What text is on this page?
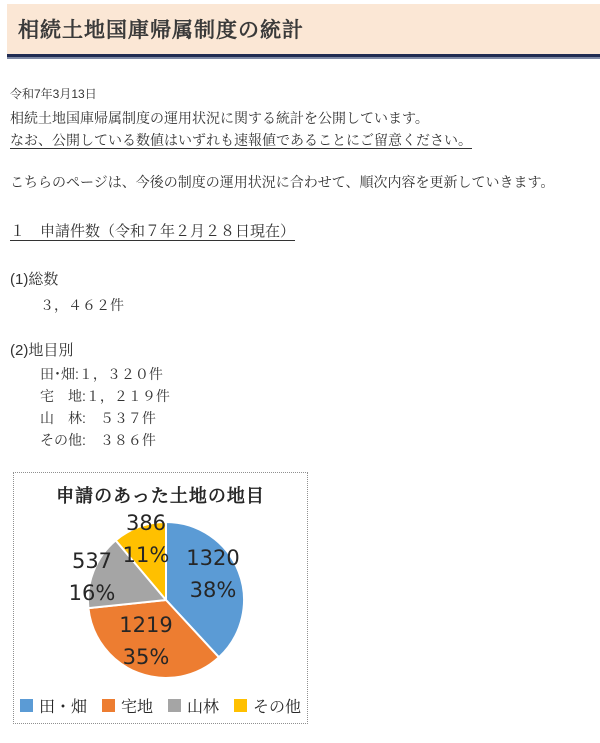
相続土地国庫帰属制度の統計
令和7年3月13日
相続土地国庫帰属制度の運用状況に関する統計を公開しています。
なお、公開している数値はいずれも速報値であることにご留意ください。
こちらのページは、今後の制度の運用状況に合わせて、順次内容を更新していきます。
１　申請件数（令和７年２月２８日現在）
(1)総数
３，４６２件
(2)地目別
田･畑:１，３２０件
宅　地:１，２１９件
山　林:　５３７件
その他:　３８６件
1320 38%
1219 35%
537 16%
386 11%
申請のあった土地の地目
田・畑 宅地 山林 その他
